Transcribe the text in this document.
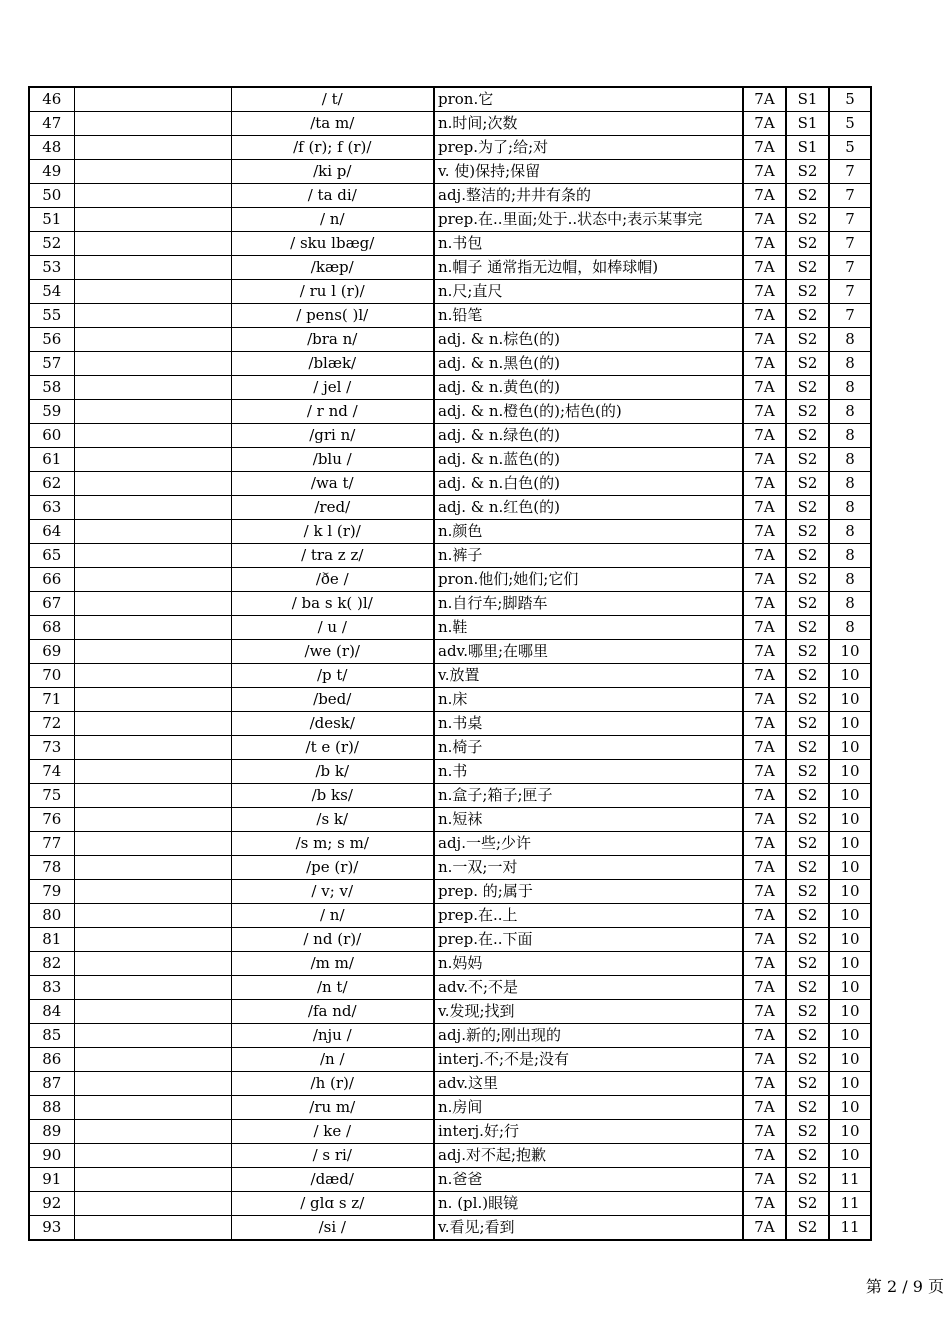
46		/ t/	pron.它	7A	S1	5
47		/ta m/	n.时间;次数	7A	S1	5
48		/f (r); f (r)/	prep.为了;给;对	7A	S1	5
49		/ki p/	v. 使)保持;保留	7A	S2	7
50		/ ta di/	adj.整洁的;井井有条的	7A	S2	7
51		/ n/	prep.在..里面;处于..状态中;表示某事完	7A	S2	7
52		/ sku lbæg/	n.书包	7A	S2	7
53		/kæp/	n.帽子 通常指无边帽，如棒球帽)	7A	S2	7
54		/ ru l (r)/	n.尺;直尺	7A	S2	7
55		/ pens( )l/	n.铅笔	7A	S2	7
56		/bra n/	adj. & n.棕色(的)	7A	S2	8
57		/blæk/	adj. & n.黑色(的)	7A	S2	8
58		/ jel /	adj. & n.黄色(的)	7A	S2	8
59		/ r nd /	adj. & n.橙色(的);桔色(的)	7A	S2	8
60		/gri n/	adj. & n.绿色(的)	7A	S2	8
61		/blu /	adj. & n.蓝色(的)	7A	S2	8
62		/wa t/	adj. & n.白色(的)	7A	S2	8
63		/red/	adj. & n.红色(的)	7A	S2	8
64		/ k l (r)/	n.颜色	7A	S2	8
65		/ tra z z/	n.裤子	7A	S2	8
66		/ðe /	pron.他们;她们;它们	7A	S2	8
67		/ ba s k( )l/	n.自行车;脚踏车	7A	S2	8
68		/ u /	n.鞋	7A	S2	8
69		/we (r)/	adv.哪里;在哪里	7A	S2	10
70		/p t/	v.放置	7A	S2	10
71		/bed/	n.床	7A	S2	10
72		/desk/	n.书桌	7A	S2	10
73		/t e (r)/	n.椅子	7A	S2	10
74		/b k/	n.书	7A	S2	10
75		/b ks/	n.盒子;箱子;匣子	7A	S2	10
76		/s k/	n.短袜	7A	S2	10
77		/s m; s m/	adj.一些;少许	7A	S2	10
78		/pe (r)/	n.一双;一对	7A	S2	10
79		/ v; v/	prep. 的;属于	7A	S2	10
80		/ n/	prep.在..上	7A	S2	10
81		/ nd (r)/	prep.在..下面	7A	S2	10
82		/m m/	n.妈妈	7A	S2	10
83		/n t/	adv.不;不是	7A	S2	10
84		/fa nd/	v.发现;找到	7A	S2	10
85		/nju /	adj.新的;刚出现的	7A	S2	10
86		/n /	interj.不;不是;没有	7A	S2	10
87		/h (r)/	adv.这里	7A	S2	10
88		/ru m/	n.房间	7A	S2	10
89		/ ke /	interj.好;行	7A	S2	10
90		/ s ri/	adj.对不起;抱歉	7A	S2	10
91		/dæd/	n.爸爸	7A	S2	11
92		/ glɑ s z/	n. (pl.)眼镜	7A	S2	11
93		/si /	v.看见;看到	7A	S2	11
第 2 / 9 页
